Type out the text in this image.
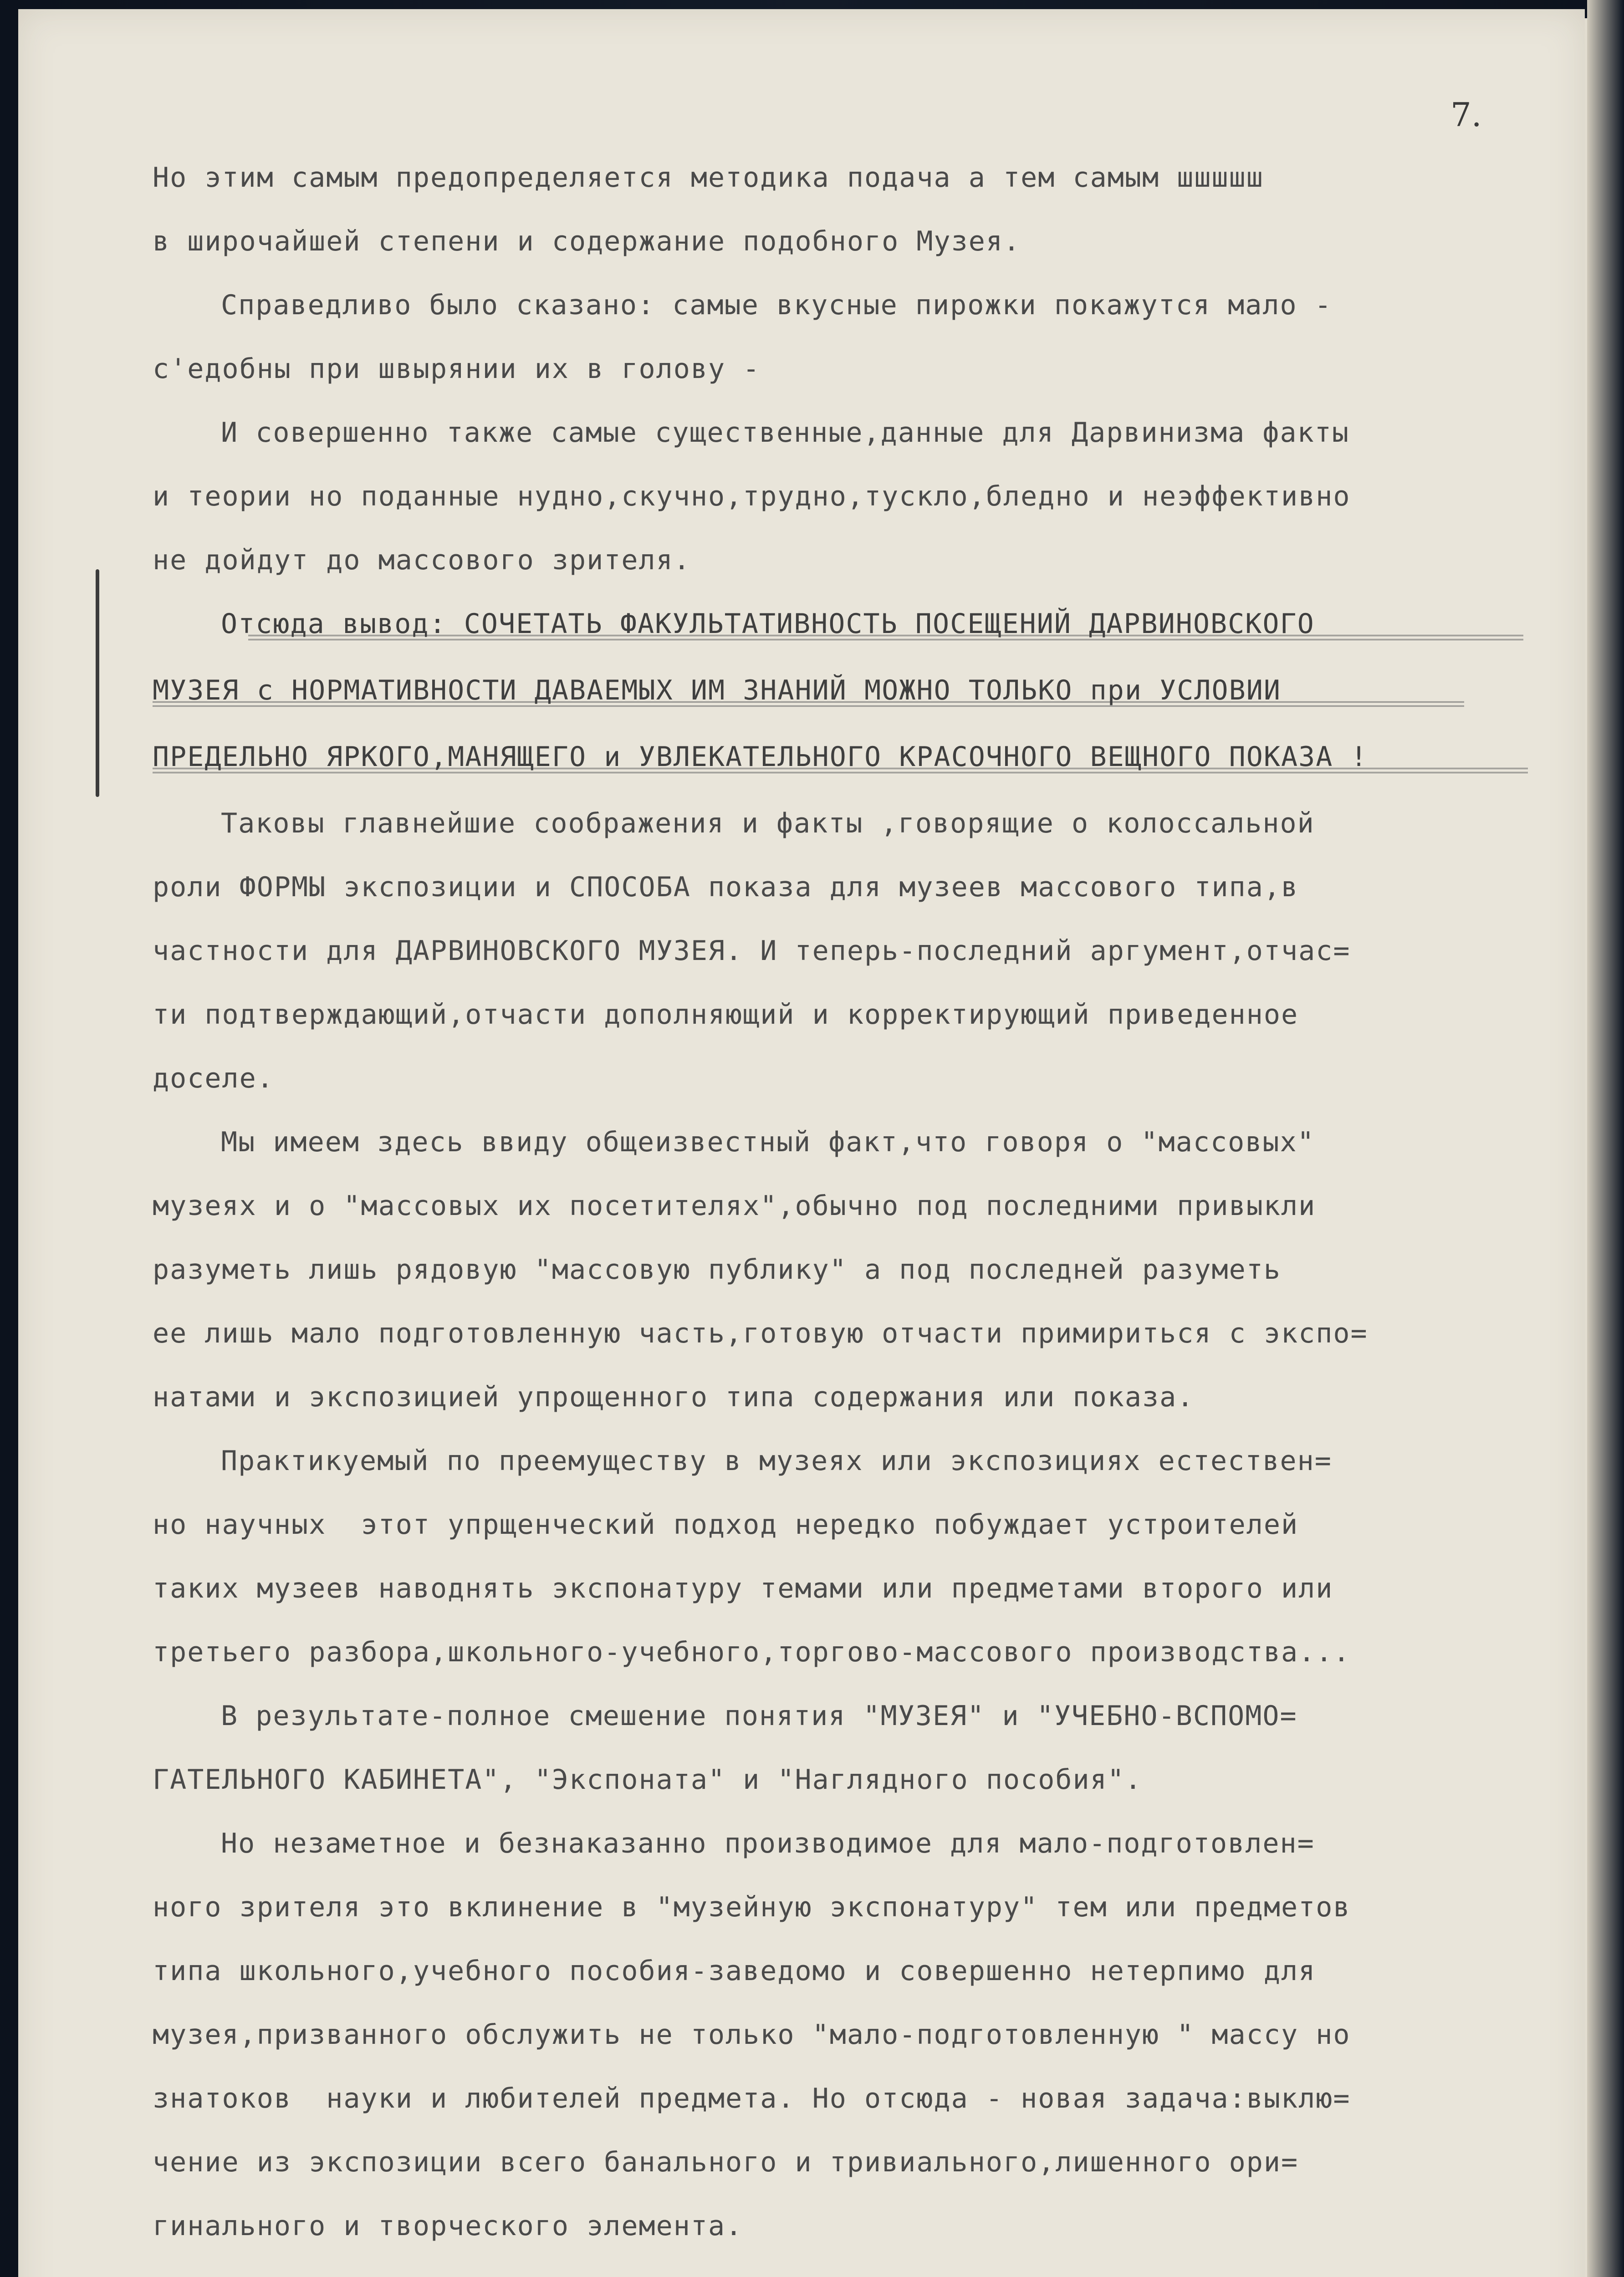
7.
Но этим самым предопределяется методика подача а тем самым шшшшш
в широчайшей степени и содержание подобного Музея.
Справедливо было сказано: самые вкусные пирожки покажутся мало -
с'едобны при швырянии их в голову -
И совершенно также самые существенные,данные для Дарвинизма факты
и теории но поданные нудно,скучно,трудно,тускло,бледно и неэффективно
не дойдут до массового зрителя.
Отсюда вывод: СОЧЕТАТЬ ФАКУЛЬТАТИВНОСТЬ ПОСЕЩЕНИЙ ДАРВИНОВСКОГО
МУЗЕЯ с НОРМАТИВНОСТИ ДАВАЕМЫХ ИМ ЗНАНИЙ МОЖНО ТОЛЬКО при УСЛОВИИ
ПРЕДЕЛЬНО ЯРКОГО,МАНЯЩЕГО и УВЛЕКАТЕЛЬНОГО КРАСОЧНОГО ВЕЩНОГО ПОКАЗА !
Таковы главнейшие соображения и факты ,говорящие о колоссальной
роли ФОРМЫ экспозиции и СПОСОБА показа для музеев массового типа,в
частности для ДАРВИНОВСКОГО МУЗЕЯ. И теперь-последний аргумент,отчас=
ти подтверждающий,отчасти дополняющий и корректирующий приведенное
доселе.
Мы имеем здесь ввиду общеизвестный факт,что говоря о "массовых"
музеях и о "массовых их посетителях",обычно под последними привыкли
разуметь лишь рядовую "массовую публику" а под последней разуметь
ее лишь мало подготовленную часть,готовую отчасти примириться с экспо=
натами и экспозицией упрощенного типа содержания или показа.
Практикуемый по преемуществу в музеях или экспозициях естествен=
но научных  этот упрщенческий подход нередко побуждает устроителей
таких музеев наводнять экспонатуру темами или предметами второго или
третьего разбора,школьного-учебного,торгово-массового производства...
В результате-полное смешение понятия "МУЗЕЯ" и "УЧЕБНО-ВСПОМО=
ГАТЕЛЬНОГО КАБИНЕТА", "Экспоната" и "Наглядного пособия".
Но незаметное и безнаказанно производимое для мало-подготовлен=
ного зрителя это вклинение в "музейную экспонатуру" тем или предметов
типа школьного,учебного пособия-заведомо и совершенно нетерпимо для
музея,призванного обслужить не только "мало-подготовленную " массу но
знатоков  науки и любителей предмета. Но отсюда - новая задача:выклю=
чение из экспозиции всего банального и тривиального,лишенного ори=
гинального и творческого элемента.
